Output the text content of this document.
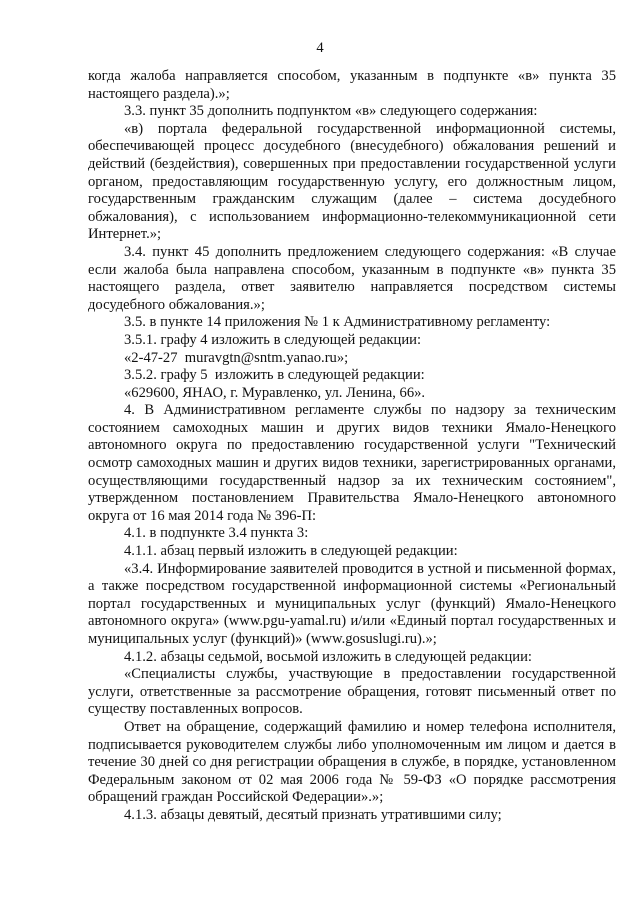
4

когда жалоба направляется способом, указанным в подпункте «в» пункта 35 настоящего раздела).»;

3.3. пункт 35 дополнить подпунктом «в» следующего содержания:

«в) портала федеральной государственной информационной системы, обеспечивающей процесс досудебного (внесудебного) обжалования решений и действий (бездействия), совершенных при предоставлении государственной услуги органом, предоставляющим государственную услугу, его должностным лицом, государственным гражданским служащим (далее – система досудебного обжалования), с использованием информационно-телекоммуникационной сети Интернет.»;

3.4. пункт 45 дополнить предложением следующего содержания: «В случае если жалоба была направлена способом, указанным в подпункте «в» пункта 35 настоящего раздела, ответ заявителю направляется посредством системы досудебного обжалования.»;

3.5. в пункте 14 приложения № 1 к Административному регламенту:

3.5.1. графу 4 изложить в следующей редакции:

«2-47-27  muravgtn@sntm.yanao.ru»;

3.5.2. графу 5  изложить в следующей редакции:

«629600, ЯНАО, г. Муравленко, ул. Ленина, 66».

4. В Административном регламенте службы по надзору за техническим состоянием самоходных машин и других видов техники Ямало-Ненецкого автономного округа по предоставлению государственной услуги "Технический осмотр самоходных машин и других видов техники, зарегистрированных органами, осуществляющими государственный надзор за их техническим состоянием", утвержденном постановлением Правительства Ямало-Ненецкого автономного округа от 16 мая 2014 года № 396-П:

4.1. в подпункте 3.4 пункта 3:

4.1.1. абзац первый изложить в следующей редакции:

«3.4. Информирование заявителей проводится в устной и письменной формах, а также посредством государственной информационной системы «Региональный портал государственных и муниципальных услуг (функций) Ямало-Ненецкого автономного округа» (www.pgu-yamal.ru) и/или «Единый портал государственных и муниципальных услуг (функций)» (www.gosuslugi.ru).»;

4.1.2. абзацы седьмой, восьмой изложить в следующей редакции:

«Специалисты службы, участвующие в предоставлении государственной услуги, ответственные за рассмотрение обращения, готовят письменный ответ по существу поставленных вопросов.

Ответ на обращение, содержащий фамилию и номер телефона исполнителя, подписывается руководителем службы либо уполномоченным им лицом и дается в течение 30 дней со дня регистрации обращения в службе, в порядке, установленном Федеральным законом от 02 мая 2006 года № 59-ФЗ «О порядке рассмотрения обращений граждан Российской Федерации».»;

4.1.3. абзацы девятый, десятый признать утратившими силу;
